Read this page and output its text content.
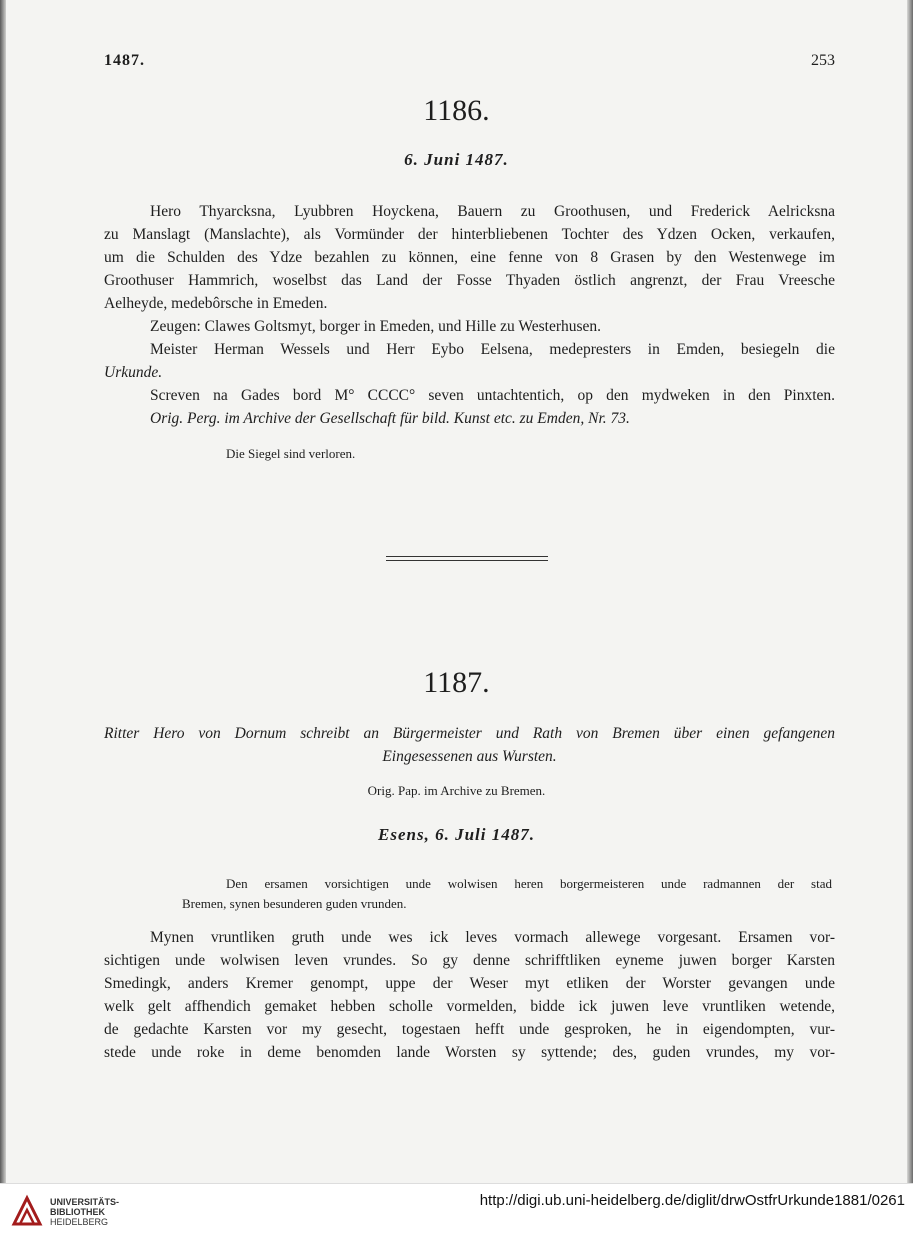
1487.	253
1186.
6. Juni 1487.
Hero Thyarcksna, Lyubbren Hoyckena, Bauern zu Groothusen, und Frederick Aelricksna
zu Manslagt (Manslachte), als Vormünder der hinterbliebenen Tochter des Ydzen Ocken, verkaufen,
um die Schulden des Ydze bezahlen zu können, eine fenne von 8 Grasen by den Westenwege im
Groothuser Hammrich, woselbst das Land der Fosse Thyaden östlich angrenzt, der Frau Vreesche
Aelheyde, medebôrsche in Emeden.
Zeugen: Clawes Goltsmyt, borger in Emeden, und Hille zu Westerhusen.
Meister Herman Wessels und Herr Eybo Eelsena, medepresters in Emden, besiegeln die
Urkunde.
Screven na Gades bord M° CCCC° seven untachtentich, op den mydweken in den Pinxten.
Orig. Perg. im Archive der Gesellschaft für bild. Kunst etc. zu Emden, Nr. 73.
Die Siegel sind verloren.
1187.
Ritter Hero von Dornum schreibt an Bürgermeister und Rath von Bremen über einen gefangenen
Eingesessenen aus Wursten.
Orig. Pap. im Archive zu Bremen.
Esens, 6. Juli 1487.
Den ersamen vorsichtigen unde wolwisen heren borgermeisteren unde radmannen der stad
Bremen, synen besunderen guden vrunden.
Mynen vruntliken gruth unde wes ick leves vormach allewege vorgesant. Ersamen vor-
sichtigen unde wolwisen leven vrundes. So gy denne schrifftliken eyneme juwen borger Karsten
Smedingk, anders Kremer genompt, uppe der Weser myt etliken der Worster gevangen unde
welk gelt affhendich gemaket hebben scholle vormelden, bidde ick juwen leve vruntliken wetende,
de gedachte Karsten vor my gesecht, togestaen hefft unde gesproken, he in eigendompten, vur-
stede unde roke in deme benomden lande Worsten sy syttende; des, guden vrundes, my vor-
UNIVERSITÄTS-
BIBLIOTHEK
HEIDELBERG
http://digi.ub.uni-heidelberg.de/diglit/drwOstfrUrkunde1881/0261
